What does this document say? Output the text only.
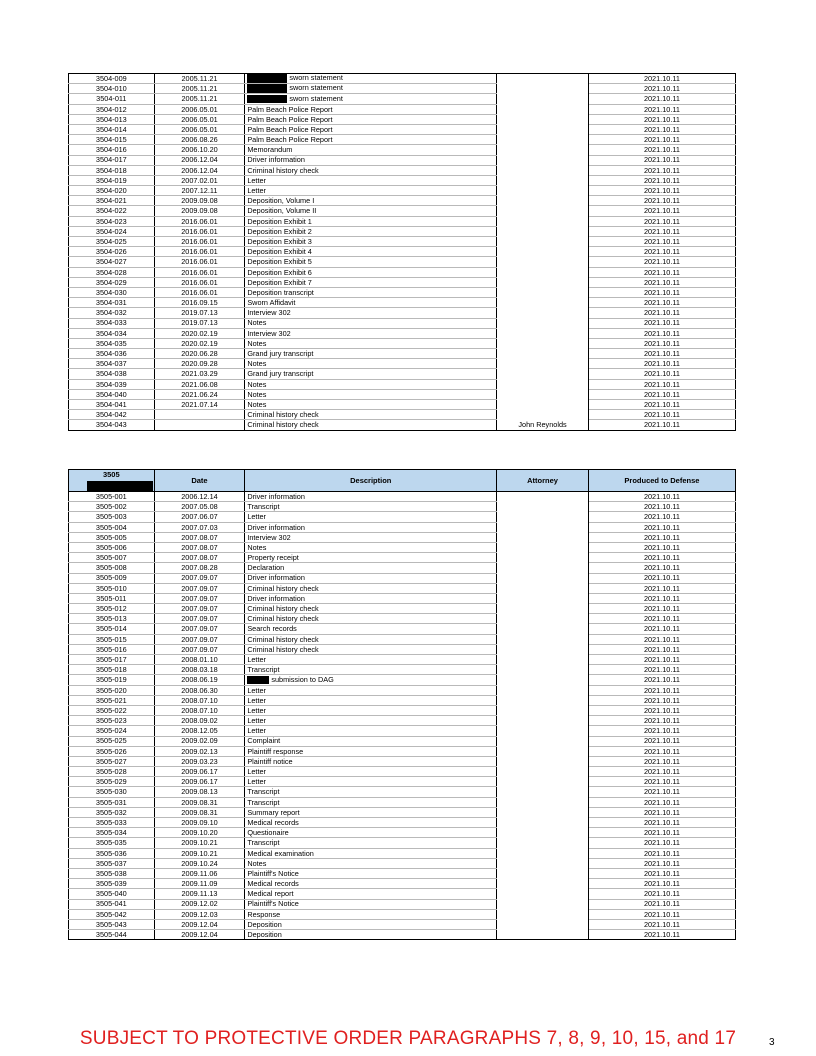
3504-009	2005.11.21	sworn statement		2021.10.11
3504-010	2005.11.21	sworn statement		2021.10.11
3504-011	2005.11.21	sworn statement		2021.10.11
3504-012	2006.05.01	Palm Beach Police Report		2021.10.11
3504-013	2006.05.01	Palm Beach Police Report		2021.10.11
3504-014	2006.05.01	Palm Beach Police Report		2021.10.11
3504-015	2006.08.26	Palm Beach Police Report		2021.10.11
3504-016	2006.10.20	Memorandum		2021.10.11
3504-017	2006.12.04	Driver information		2021.10.11
3504-018	2006.12.04	Criminal history check		2021.10.11
3504-019	2007.02.01	Letter		2021.10.11
3504-020	2007.12.11	Letter		2021.10.11
3504-021	2009.09.08	Deposition, Volume I		2021.10.11
3504-022	2009.09.08	Deposition, Volume II		2021.10.11
3504-023	2016.06.01	Deposition Exhibit 1		2021.10.11
3504-024	2016.06.01	Deposition Exhibit 2		2021.10.11
3504-025	2016.06.01	Deposition Exhibit 3		2021.10.11
3504-026	2016.06.01	Deposition Exhibit 4		2021.10.11
3504-027	2016.06.01	Deposition Exhibit 5		2021.10.11
3504-028	2016.06.01	Deposition Exhibit 6		2021.10.11
3504-029	2016.06.01	Deposition Exhibit 7		2021.10.11
3504-030	2016.06.01	Deposition transcript		2021.10.11
3504-031	2016.09.15	Sworn Affidavit		2021.10.11
3504-032	2019.07.13	Interview 302		2021.10.11
3504-033	2019.07.13	Notes		2021.10.11
3504-034	2020.02.19	Interview 302		2021.10.11
3504-035	2020.02.19	Notes		2021.10.11
3504-036	2020.06.28	Grand jury transcript		2021.10.11
3504-037	2020.09.28	Notes		2021.10.11
3504-038	2021.03.29	Grand jury transcript		2021.10.11
3504-039	2021.06.08	Notes		2021.10.11
3504-040	2021.06.24	Notes		2021.10.11
3504-041	2021.07.14	Notes		2021.10.11
3504-042		Criminal history check		2021.10.11
3504-043		Criminal history check	John Reynolds	2021.10.11
3505	Date	Description	Attorney	Produced to Defense
3505-001	2006.12.14	Driver information		2021.10.11
3505-002	2007.05.08	Transcript		2021.10.11
3505-003	2007.06.07	Letter		2021.10.11
3505-004	2007.07.03	Driver information		2021.10.11
3505-005	2007.08.07	Interview 302		2021.10.11
3505-006	2007.08.07	Notes		2021.10.11
3505-007	2007.08.07	Property receipt		2021.10.11
3505-008	2007.08.28	Declaration		2021.10.11
3505-009	2007.09.07	Driver information		2021.10.11
3505-010	2007.09.07	Criminal history check		2021.10.11
3505-011	2007.09.07	Driver information		2021.10.11
3505-012	2007.09.07	Criminal history check		2021.10.11
3505-013	2007.09.07	Criminal history check		2021.10.11
3505-014	2007.09.07	Search records		2021.10.11
3505-015	2007.09.07	Criminal history check		2021.10.11
3505-016	2007.09.07	Criminal history check		2021.10.11
3505-017	2008.01.10	Letter		2021.10.11
3505-018	2008.03.18	Transcript		2021.10.11
3505-019	2008.06.19	submission to DAG		2021.10.11
3505-020	2008.06.30	Letter		2021.10.11
3505-021	2008.07.10	Letter		2021.10.11
3505-022	2008.07.10	Letter		2021.10.11
3505-023	2008.09.02	Letter		2021.10.11
3505-024	2008.12.05	Letter		2021.10.11
3505-025	2009.02.09	Complaint		2021.10.11
3505-026	2009.02.13	Plaintiff response		2021.10.11
3505-027	2009.03.23	Plaintiff notice		2021.10.11
3505-028	2009.06.17	Letter		2021.10.11
3505-029	2009.06.17	Letter		2021.10.11
3505-030	2009.08.13	Transcript		2021.10.11
3505-031	2009.08.31	Transcript		2021.10.11
3505-032	2009.08.31	Summary report		2021.10.11
3505-033	2009.09.10	Medical records		2021.10.11
3505-034	2009.10.20	Questionaire		2021.10.11
3505-035	2009.10.21	Transcript		2021.10.11
3505-036	2009.10.21	Medical examination		2021.10.11
3505-037	2009.10.24	Notes		2021.10.11
3505-038	2009.11.06	Plaintiff's Notice		2021.10.11
3505-039	2009.11.09	Medical records		2021.10.11
3505-040	2009.11.13	Medical report		2021.10.11
3505-041	2009.12.02	Plaintiff's Notice		2021.10.11
3505-042	2009.12.03	Response		2021.10.11
3505-043	2009.12.04	Deposition		2021.10.11
3505-044	2009.12.04	Deposition		2021.10.11
SUBJECT TO PROTECTIVE ORDER PARAGRAPHS 7, 8, 9, 10, 15, and 17	3
